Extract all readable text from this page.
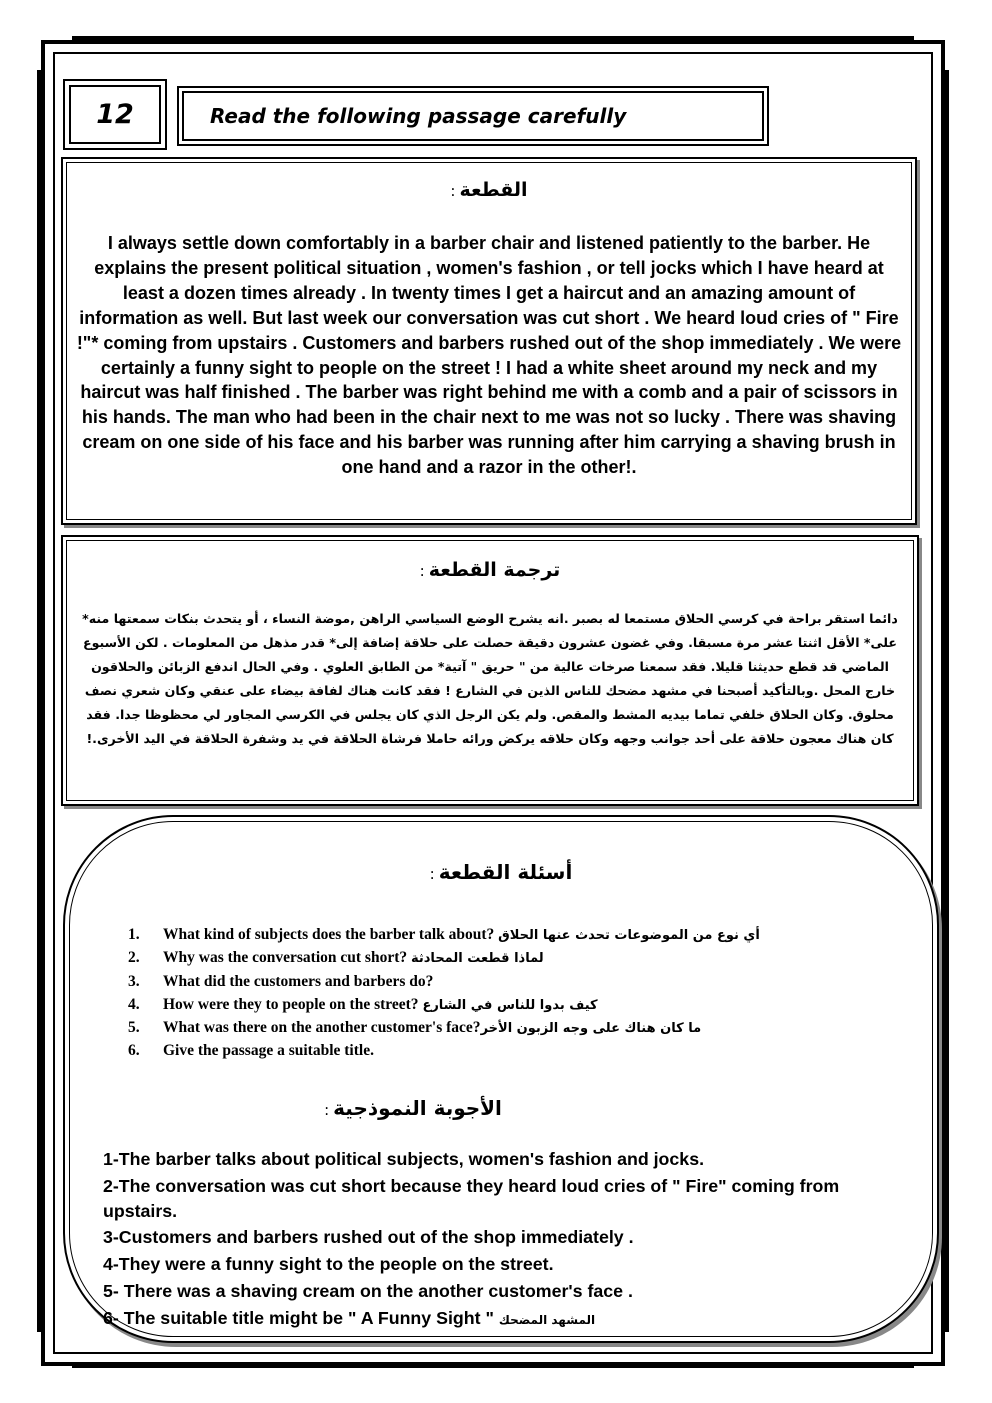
12	Read the following passage carefully
القطعة:
I always settle down comfortably in a barber chair and listened patiently to the barber. He explains the present political situation , women's fashion , or tell jocks which I have heard at least a dozen times already . In twenty times I get a haircut and an amazing amount of information as well. But last week our conversation was cut short . We heard loud cries of " Fire !"* coming from upstairs . Customers and barbers rushed out of the shop immediately . We were certainly a funny sight to people on the street ! I had a white sheet around my neck and my haircut was half finished . The barber was right behind me with a comb and a pair of scissors in his hands. The man who had been in the chair next to me was not so lucky . There was shaving cream on one side of his face and his barber was running after him carrying a shaving brush in one hand and a razor in the other!.
ترجمة القطعة:
دائما استقر براحة في كرسي الحلاق مستمعا له بصبر .انه يشرح الوضع السياسي الراهن ,موضة النساء ، أو يتحدث بنكات سمعتها منه* على* الأقل اثنتا عشر مرة مسبقا. وفي غضون عشرون دقيقة حصلت على حلاقة إضافة إلى* قدر مذهل من المعلومات . لكن الأسبوع الماضي قد قطع حديثنا قليلا. فقد سمعنا صرخات عالية من " حريق " آتية* من الطابق العلوي . وفي الحال اندفع الزبائن والحلاقون خارج المحل .وبالتأكيد أصبحنا في مشهد مضحك للناس الذين في الشارع ! فقد كانت هناك لفافة بيضاء على عنقي وكان شعري نصف محلوق. وكان الحلاق خلفي تماما بيديه المشط والمقص. ولم يكن الرجل الذي كان يجلس في الكرسي المجاور لي محظوظا جدا. فقد كان هناك معجون حلاقة على أحد جوانب وجهه وكان حلاقه يركض ورائه حاملا فرشاة الحلاقة في يد وشفرة الحلاقة في اليد الأخرى.!
أسئلة القطعة:
1. What kind of subjects does the barber talk about? أي نوع من الموضوعات تحدث عنها الحلاق
2. Why was the conversation cut short? لماذا قطعت المحادثة
3. What did the customers and barbers do?
4. How were they to people on the street? كيف بدوا للناس في الشارع
5. What was there on the another customer's face?ما كان هناك على وجه الزبون الأخر
6. Give the passage a suitable title.
الأجوبة النموذجية:
1-The barber talks about political subjects, women's fashion and jocks.
2-The conversation was cut short because they heard loud cries of " Fire" coming from upstairs.
3-Customers and barbers rushed out of the shop immediately .
4-They were a funny sight to the people on the street.
5- There was a shaving cream on the another customer's face .
6- The suitable title might be " A Funny Sight " المشهد المضحك
